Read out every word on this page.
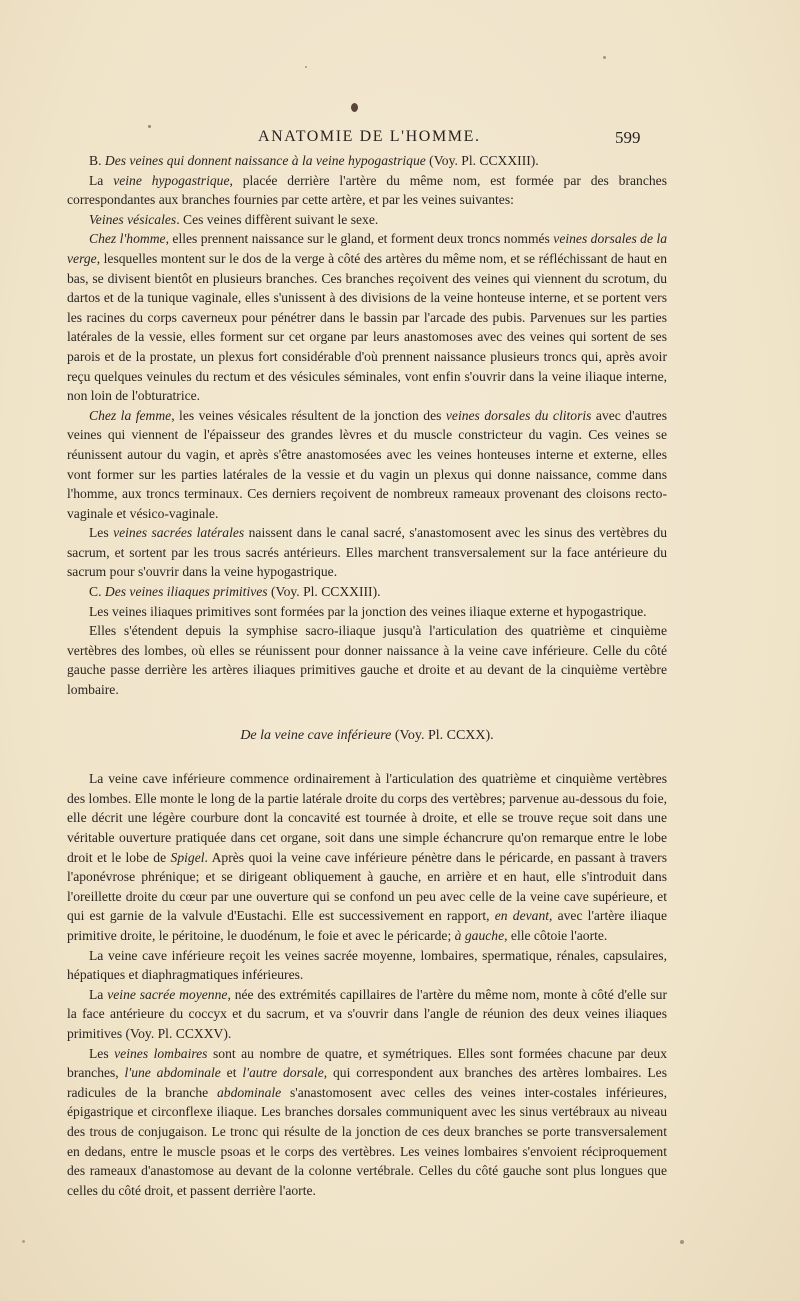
ANATOMIE DE L'HOMME.	599

B. Des veines qui donnent naissance à la veine hypogastrique (Voy. Pl. CCXXIII).

La veine hypogastrique, placée derrière l'artère du même nom, est formée par des branches correspondantes aux branches fournies par cette artère, et par les veines suivantes:

Veines vésicales. Ces veines diffèrent suivant le sexe.

Chez l'homme, elles prennent naissance sur le gland, et forment deux troncs nommés veines dorsales de la verge, lesquelles montent sur le dos de la verge à côté des artères du même nom, et se réfléchissant de haut en bas, se divisent bientôt en plusieurs branches. Ces branches reçoivent des veines qui viennent du scrotum, du dartos et de la tunique vaginale, elles s'unissent à des divisions de la veine honteuse interne, et se portent vers les racines du corps caverneux pour pénétrer dans le bassin par l'arcade des pubis. Parvenues sur les parties latérales de la vessie, elles forment sur cet organe par leurs anastomoses avec des veines qui sortent de ses parois et de la prostate, un plexus fort considérable d'où prennent naissance plusieurs troncs qui, après avoir reçu quelques veinules du rectum et des vésicules séminales, vont enfin s'ouvrir dans la veine iliaque interne, non loin de l'obturatrice.

Chez la femme, les veines vésicales résultent de la jonction des veines dorsales du clitoris avec d'autres veines qui viennent de l'épaisseur des grandes lèvres et du muscle constricteur du vagin. Ces veines se réunissent autour du vagin, et après s'être anastomosées avec les veines honteuses interne et externe, elles vont former sur les parties latérales de la vessie et du vagin un plexus qui donne naissance, comme dans l'homme, aux troncs terminaux. Ces derniers reçoivent de nombreux rameaux provenant des cloisons recto-vaginale et vésico-vaginale.

Les veines sacrées latérales naissent dans le canal sacré, s'anastomosent avec les sinus des vertèbres du sacrum, et sortent par les trous sacrés antérieurs. Elles marchent transversalement sur la face antérieure du sacrum pour s'ouvrir dans la veine hypogastrique.

C. Des veines iliaques primitives (Voy. Pl. CCXXIII).

Les veines iliaques primitives sont formées par la jonction des veines iliaque externe et hypogastrique.

Elles s'étendent depuis la symphise sacro-iliaque jusqu'à l'articulation des quatrième et cinquième vertèbres des lombes, où elles se réunissent pour donner naissance à la veine cave inférieure. Celle du côté gauche passe derrière les artères iliaques primitives gauche et droite et au devant de la cinquième vertèbre lombaire.

De la veine cave inférieure (Voy. Pl. CCXX).

La veine cave inférieure commence ordinairement à l'articulation des quatrième et cinquième vertèbres des lombes. Elle monte le long de la partie latérale droite du corps des vertèbres; parvenue au-dessous du foie, elle décrit une légère courbure dont la concavité est tournée à droite, et elle se trouve reçue soit dans une véritable ouverture pratiquée dans cet organe, soit dans une simple échancrure qu'on remarque entre le lobe droit et le lobe de Spigel. Après quoi la veine cave inférieure pénètre dans le péricarde, en passant à travers l'aponévrose phrénique; et se dirigeant obliquement à gauche, en arrière et en haut, elle s'introduit dans l'oreillette droite du cœur par une ouverture qui se confond un peu avec celle de la veine cave supérieure, et qui est garnie de la valvule d'Eustachi. Elle est successivement en rapport, en devant, avec l'artère iliaque primitive droite, le péritoine, le duodénum, le foie et avec le péricarde; à gauche, elle côtoie l'aorte.

La veine cave inférieure reçoit les veines sacrée moyenne, lombaires, spermatique, rénales, capsulaires, hépatiques et diaphragmatiques inférieures.

La veine sacrée moyenne, née des extrémités capillaires de l'artère du même nom, monte à côté d'elle sur la face antérieure du coccyx et du sacrum, et va s'ouvrir dans l'angle de réunion des deux veines iliaques primitives (Voy. Pl. CCXXV).

Les veines lombaires sont au nombre de quatre, et symétriques. Elles sont formées chacune par deux branches, l'une abdominale et l'autre dorsale, qui correspondent aux branches des artères lombaires. Les radicules de la branche abdominale s'anastomosent avec celles des veines inter-costales inférieures, épigastrique et circonflexe iliaque. Les branches dorsales communiquent avec les sinus vertébraux au niveau des trous de conjugaison. Le tronc qui résulte de la jonction de ces deux branches se porte transversalement en dedans, entre le muscle psoas et le corps des vertèbres. Les veines lombaires s'envoient réciproquement des rameaux d'anastomose au devant de la colonne vertébrale. Celles du côté gauche sont plus longues que celles du côté droit, et passent derrière l'aorte.
